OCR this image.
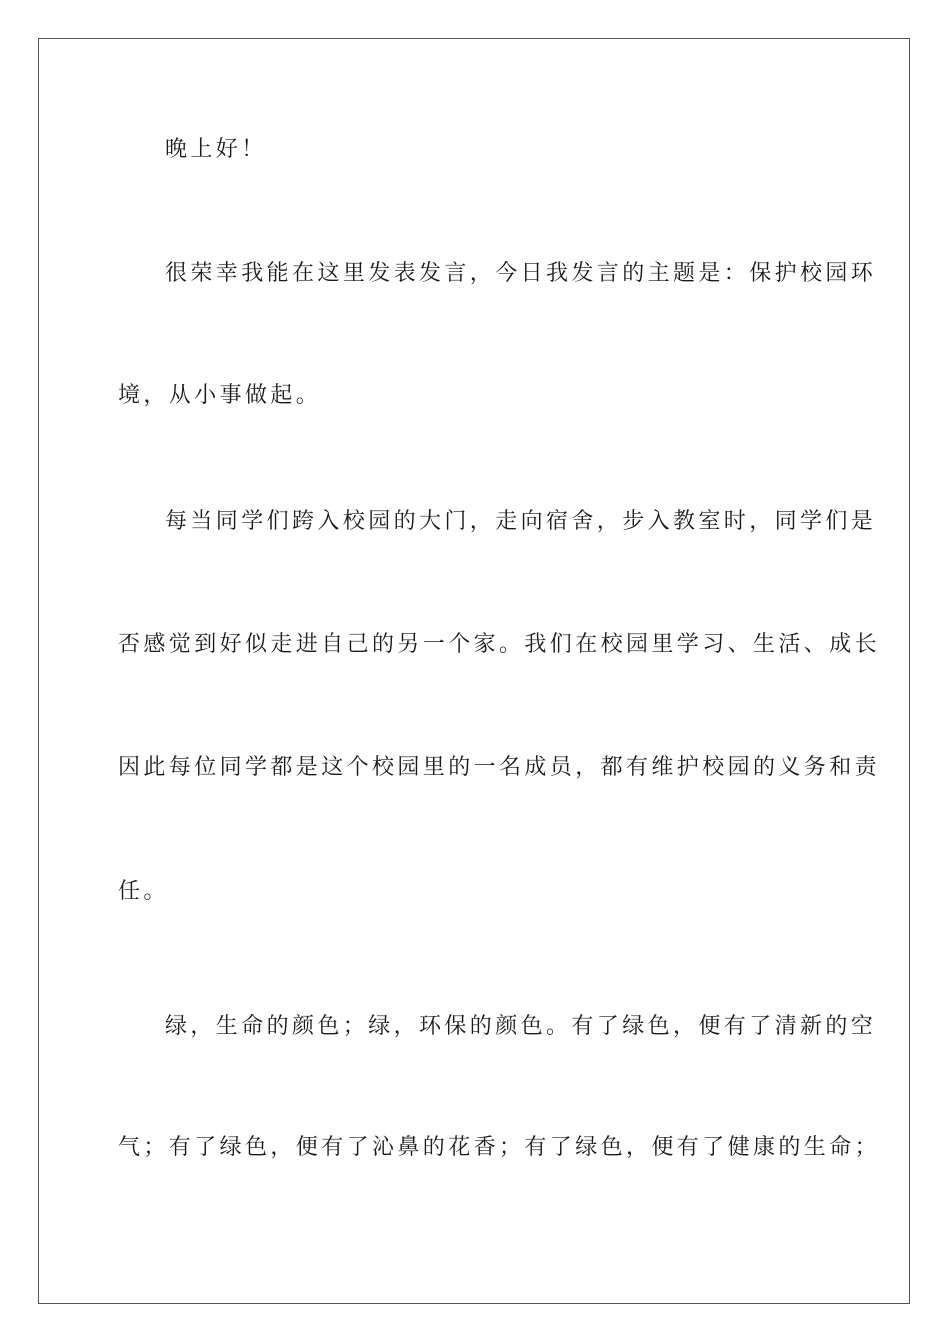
晚上好！
很荣幸我能在这里发表发言，今日我发言的主题是：保护校园环
境，从小事做起。
每当同学们跨入校园的大门，走向宿舍，步入教室时，同学们是
否感觉到好似走进自己的另一个家。我们在校园里学习、生活、成长
因此每位同学都是这个校园里的一名成员，都有维护校园的义务和责
任。
绿，生命的颜色；绿，环保的颜色。有了绿色，便有了清新的空
气；有了绿色，便有了沁鼻的花香；有了绿色，便有了健康的生命；
